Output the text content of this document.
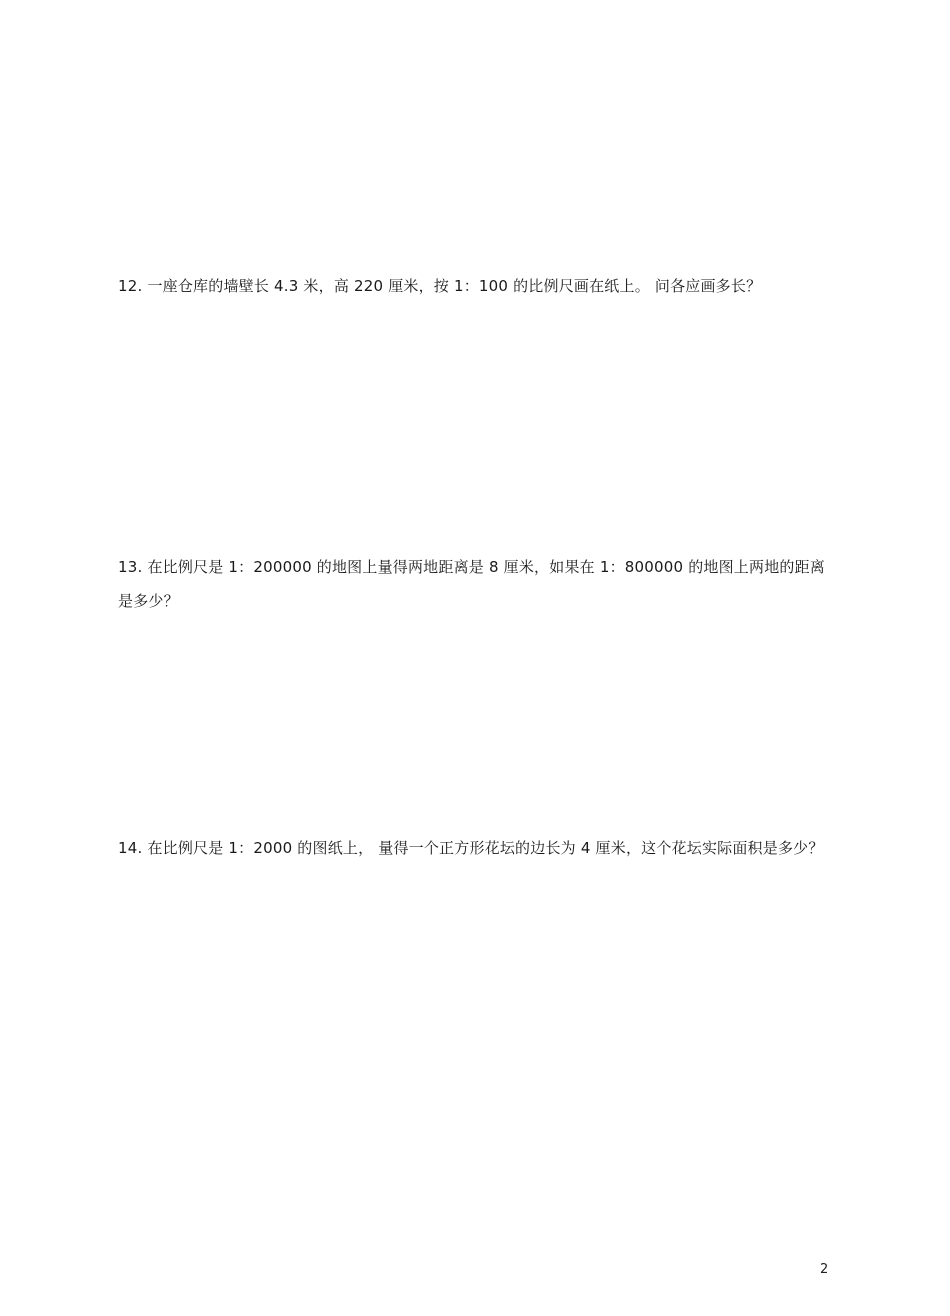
12. 一座仓库的墙壁长 4.3 米，高 220 厘米，按 1：100 的比例尺画在纸上。 问各应画多长？
13. 在比例尺是 1：200000 的地图上量得两地距离是 8 厘米，如果在 1：800000 的地图上两地的距离是多少？
14. 在比例尺是 1：2000 的图纸上， 量得一个正方形花坛的边长为 4 厘米，这个花坛实际面积是多少？
2
